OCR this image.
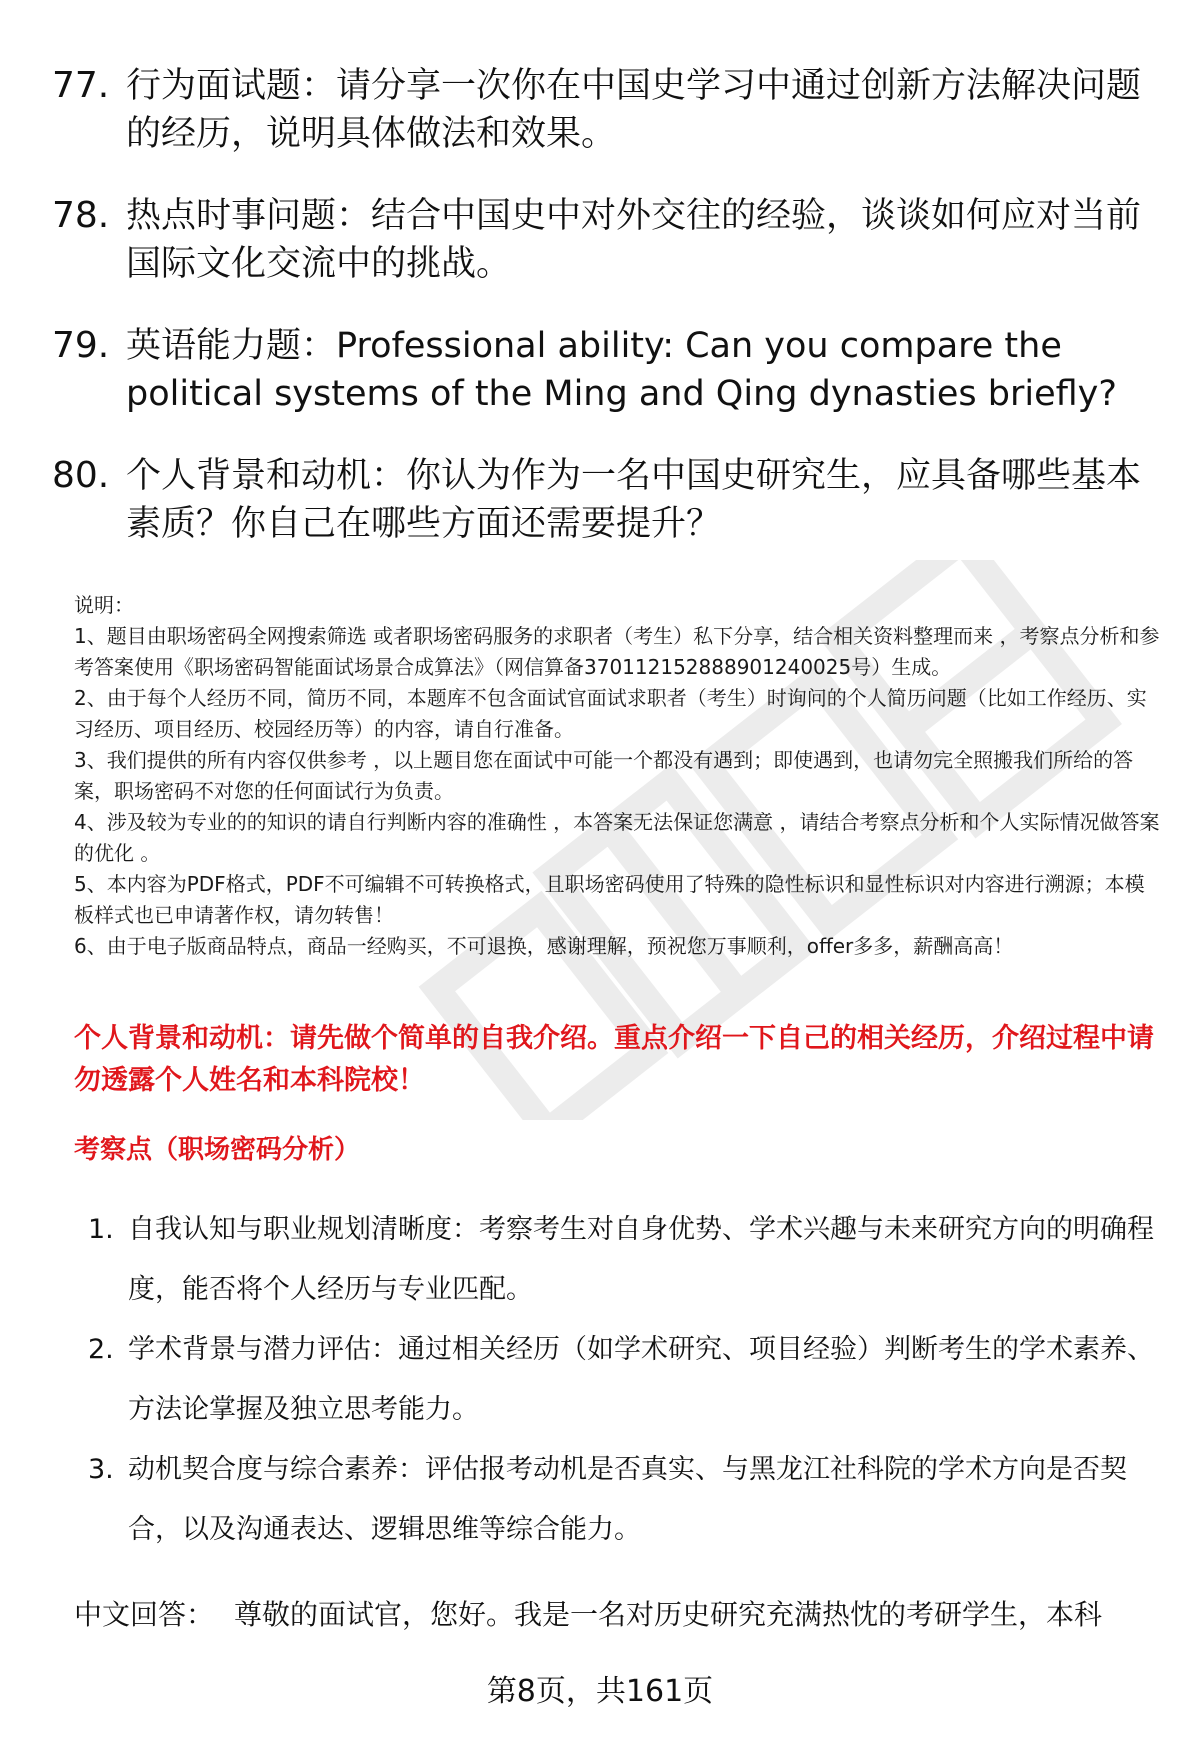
77. 行为面试题：请分享一次你在中国史学习中通过创新方法解决问题的经历，说明具体做法和效果。
78. 热点时事问题：结合中国史中对外交往的经验，谈谈如何应对当前国际文化交流中的挑战。
79. 英语能力题：Professional ability: Can you compare the political systems of the Ming and Qing dynasties briefly?
80. 个人背景和动机：你认为作为一名中国史研究生，应具备哪些基本素质？你自己在哪些方面还需要提升？

说明：

1、题目由职场密码全网搜索筛选 或者职场密码服务的求职者（考生）私下分享，结合相关资料整理而来 ，考察点分析和参考答案使用《职场密码智能面试场景合成算法》（网信算备370112152888901240025号）生成。

2、由于每个人经历不同，简历不同，本题库不包含面试官面试求职者（考生）时询问的个人简历问题（比如工作经历、实习经历、项目经历、校园经历等）的内容，请自行准备。

3、我们提供的所有内容仅供参考 ，以上题目您在面试中可能一个都没有遇到；即使遇到，也请勿完全照搬我们所给的答案，职场密码不对您的任何面试行为负责。

4、涉及较为专业的的知识的请自行判断内容的准确性 ，本答案无法保证您满意 ，请结合考察点分析和个人实际情况做答案的优化 。

5、本内容为PDF格式，PDF不可编辑不可转换格式，且职场密码使用了特殊的隐性标识和显性标识对内容进行溯源；本模板样式也已申请著作权，请勿转售！

6、由于电子版商品特点，商品一经购买，不可退换，感谢理解，预祝您万事顺利，offer多多，薪酬高高！

个人背景和动机：请先做个简单的自我介绍。重点介绍一下自己的相关经历，介绍过程中请勿透露个人姓名和本科院校！
考察点（职场密码分析）
1. 自我认知与职业规划清晰度：考察考生对自身优势、学术兴趣与未来研究方向的明确程度，能否将个人经历与专业匹配。
2. 学术背景与潜力评估：通过相关经历（如学术研究、项目经验）判断考生的学术素养、方法论掌握及独立思考能力。
3. 动机契合度与综合素养：评估报考动机是否真实、与黑龙江社科院的学术方向是否契合，以及沟通表达、逻辑思维等综合能力。
中文回答： 尊敬的面试官，您好。我是一名对历史研究充满热忱的考研学生，本科
第8页，共161页
